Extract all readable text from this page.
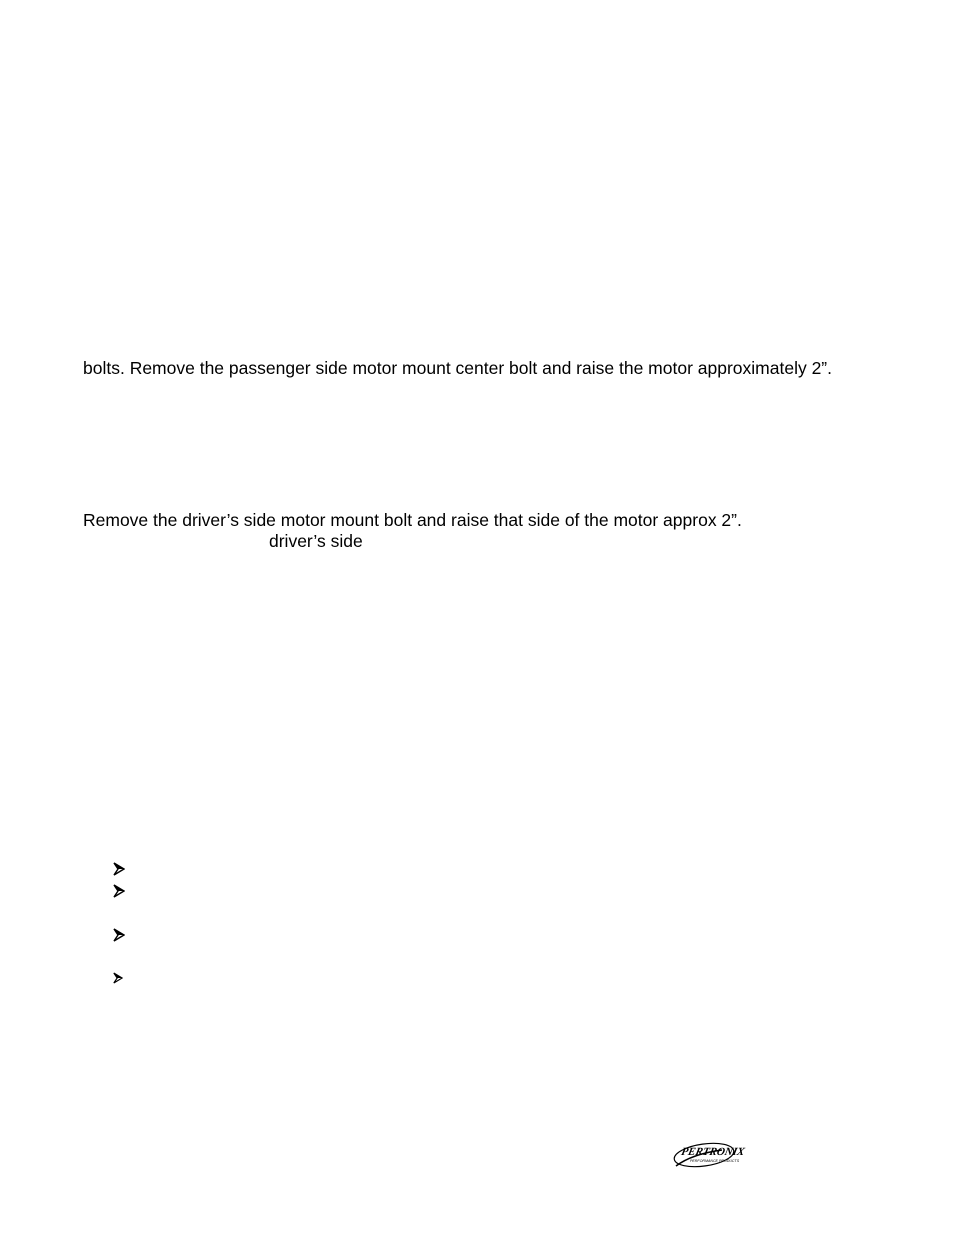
bolts. Remove the passenger side motor mount center bolt and raise the motor approximately 2”.
Remove the driver’s side motor mount bolt and raise that side of the motor approx 2”.
driver’s side
PERTRONIX
PERFORMANCE PRODUCTS
